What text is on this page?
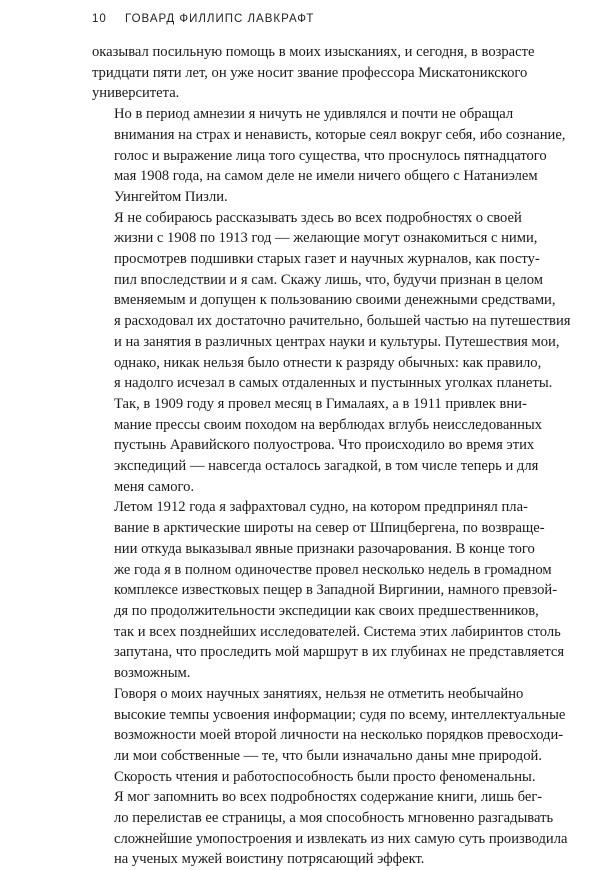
10 ГОВАРД ФИЛЛИПС ЛАВКРАФТ

оказывал посильную помощь в моих изысканиях, и сегодня, в возрасте
тридцати пяти лет, он уже носит звание профессора Мискатоникского
университета.

Но в период амнезии я ничуть не удивлялся и почти не обращал
внимания на страх и ненависть, которые сеял вокруг себя, ибо сознание,
голос и выражение лица того существа, что проснулось пятнадцатого
мая 1908 года, на самом деле не имели ничего общего с Натаниэлем
Уингейтом Пизли.

Я не собираюсь рассказывать здесь во всех подробностях о своей
жизни с 1908 по 1913 год — желающие могут ознакомиться с ними,
просмотрев подшивки старых газет и научных журналов, как посту-
пил впоследствии и я сам. Скажу лишь, что, будучи признан в целом
вменяемым и допущен к пользованию своими денежными средствами,
я расходовал их достаточно рачительно, большей частью на путешествия
и на занятия в различных центрах науки и культуры. Путешествия мои,
однако, никак нельзя было отнести к разряду обычных: как правило,
я надолго исчезал в самых отдаленных и пустынных уголках планеты.

Так, в 1909 году я провел месяц в Гималаях, а в 1911 привлек вни-
мание прессы своим походом на верблюдах вглубь неисследованных
пустынь Аравийского полуострова. Что происходило во время этих
экспедиций — навсегда осталось загадкой, в том числе теперь и для
меня самого.

Летом 1912 года я зафрахтовал судно, на котором предпринял пла-
вание в арктические широты на север от Шпицбергена, по возвраще-
нии откуда выказывал явные признаки разочарования. В конце того
же года я в полном одиночестве провел несколько недель в громадном
комплексе известковых пещер в Западной Виргинии, намного превзой-
дя по продолжительности экспедиции как своих предшественников,
так и всех позднейших исследователей. Система этих лабиринтов столь
запутана, что проследить мой маршрут в их глубинах не представляется
возможным.

Говоря о моих научных занятиях, нельзя не отметить необычайно
высокие темпы усвоения информации; судя по всему, интеллектуальные
возможности моей второй личности на несколько порядков превосходи-
ли мои собственные — те, что были изначально даны мне природой.
Скорость чтения и работоспособность были просто феноменальны.
Я мог запомнить во всех подробностях содержание книги, лишь бег-
ло перелистав ее страницы, а моя способность мгновенно разгадывать
сложнейшие умопостроения и извлекать из них самую суть производила
на ученых мужей воистину потрясающий эффект.
